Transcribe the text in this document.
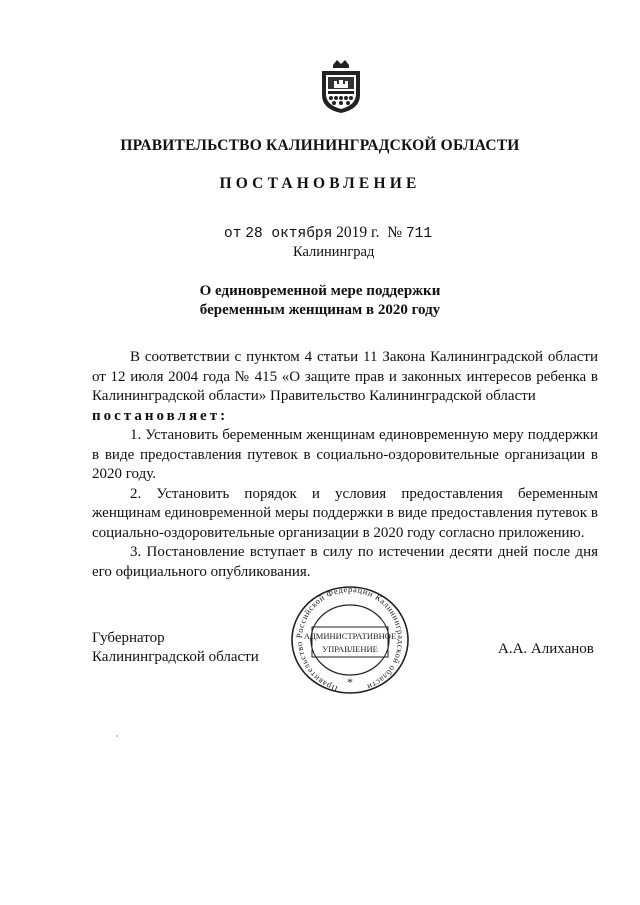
ПРАВИТЕЛЬСТВО КАЛИНИНГРАДСКОЙ ОБЛАСТИ
ПОСТАНОВЛЕНИЕ
от 28 октября 2019 г. № 711
Калининград
О единовременной мере поддержки
беременным женщинам в 2020 году

В соответствии с пунктом 4 статьи 11 Закона Калининградской области от 12 июля 2004 года № 415 «О защите прав и законных интересов ребенка в Калининградской области» Правительство Калининградской области

постановляет:

1. Установить беременным женщинам единовременную меру поддержки в виде предоставления путевок в социально-оздоровительные организации в 2020 году.

2. Установить порядок и условия предоставления беременным женщинам единовременной меры поддержки в виде предоставления путевок в социально-оздоровительные организации в 2020 году согласно приложению.

3. Постановление вступает в силу по истечении десяти дней после дня его официального опубликования.

Губернатор
Калининградской области
Правительство Российской Федерации Калининградской области
АДМИНИСТРАТИВНОЕ
УПРАВЛЕНИЕ
*
А.А. Алиханов
